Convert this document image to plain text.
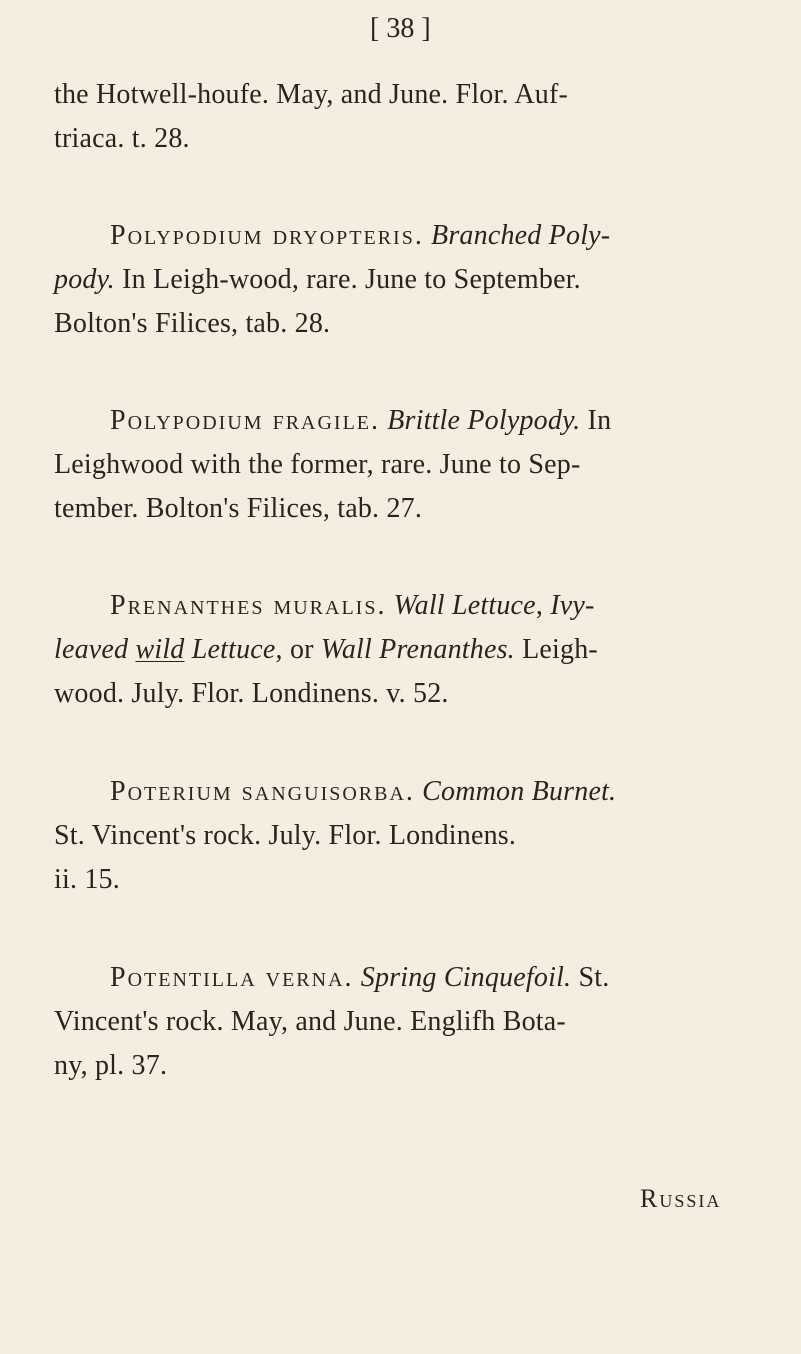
[ 38 ]
the Hotwell-houfe. May, and June. Flor. Auf-
triaca. t. 28.
Polypodium dryopteris. Branched Poly-
pody. In Leigh-wood, rare. June to September.
Bolton's Filices, tab. 28.
Polypodium fragile. Brittle Polypody. In
Leighwood with the former, rare. June to Sep-
tember. Bolton's Filices, tab. 27.
Prenanthes muralis. Wall Lettuce, Ivy-
leaved wild Lettuce, or Wall Prenanthes. Leigh-
wood. July. Flor. Londinens. v. 52.
Poterium sanguisorba. Common Burnet.
St. Vincent's rock. July. Flor. Londinens.
ii. 15.
Potentilla verna. Spring Cinquefoil. St.
Vincent's rock. May, and June. Englifh Bota-
ny, pl. 37.
Russia
